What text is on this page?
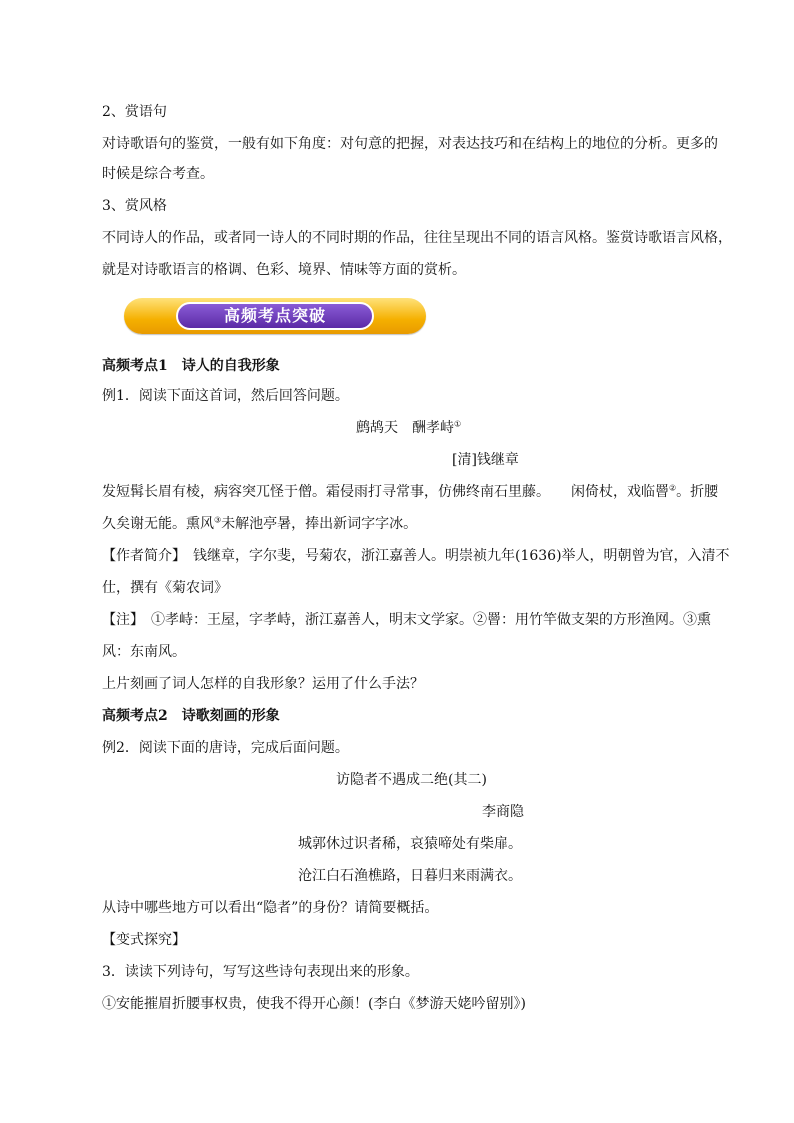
2、赏语句
对诗歌语句的鉴赏，一般有如下角度：对句意的把握，对表达技巧和在结构上的地位的分析。更多的
时候是综合考查。
3、赏风格
不同诗人的作品，或者同一诗人的不同时期的作品，往往呈现出不同的语言风格。鉴赏诗歌语言风格，
就是对诗歌语言的格调、色彩、境界、情味等方面的赏析。
高频考点突破
高频考点1　诗人的自我形象
例1．阅读下面这首词，然后回答问题。
鹧鸪天　酬孝峙①
[清]钱继章
发短髯长眉有棱，病容突兀怪于僧。霜侵雨打寻常事，仿佛终南石里藤。　　闲倚杖，戏临罾②。折腰
久矣谢无能。熏风③未解池亭暑，捧出新词字字冰。
【作者简介】　钱继章，字尔斐，号菊农，浙江嘉善人。明崇祯九年(1636)举人，明朝曾为官，入清不
仕，撰有《菊农词》
【注】　①孝峙：王屋，字孝峙，浙江嘉善人，明末文学家。②罾：用竹竿做支架的方形渔网。③熏
风：东南风。
上片刻画了词人怎样的自我形象？运用了什么手法？
高频考点2　诗歌刻画的形象
例2．阅读下面的唐诗，完成后面问题。
访隐者不遇成二绝(其二)
李商隐
城郭休过识者稀，哀猿啼处有柴扉。
沧江白石渔樵路，日暮归来雨满衣。
从诗中哪些地方可以看出“隐者”的身份？请简要概括。
【变式探究】
3．读读下列诗句，写写这些诗句表现出来的形象。
①安能摧眉折腰事权贵，使我不得开心颜！(李白《梦游天姥吟留别》)
